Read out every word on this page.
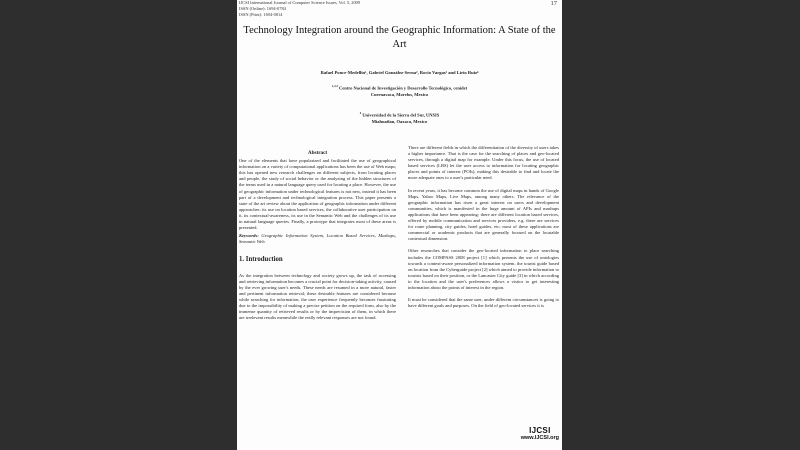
IJCSI International Journal of Computer Science Issues, Vol. 5, 2009
ISSN (Online): 1694-0784
ISSN (Print): 1694-0814
17
Technology Integration around the Geographic Information: A State of the Art
Rafael Ponce-Medellín¹, Gabriel González-Serna², Rocío Vargas³ and Lirio Ruiz⁴
$^{1,2,3}$ Centro Nacional de Investigación y Desarrollo Tecnológico, cenidet
Cuernavaca, Morelos, Mexico
$^4$ Universidad de la Sierra del Sur, UNSIS
Miahuatlan, Oaxaca, Mexico
Abstract
One of the elements that have popularized and facilitated the use of geographical information on a variety of computational applications has been the use of Web maps; this has opened new research challenges on different subjects, from locating places and people, the study of social behavior or the analyzing of the hidden structures of the terms used in a natural language query used for locating a place. However, the use of geographic information under technological features is not new, instead it has been part of a development and technological integration process. This paper presents a state of the art review about the application of geographic information under different approaches: its use on location based services, the collaborative user participation on it, its contextual-awareness, its use in the Semantic Web and the challenges of its use in natural language queries. Finally, a prototype that integrates most of these areas is presented.
Keywords: Geographic Information System, Location Based Services, Mashups, Semantic Web.
1. Introduction

As the integration between technology and society grows up, the task of accessing and retrieving information becomes a crucial point for decision-taking activity, caused by the ever growing user's needs. These needs are resumed in a more natural, faster and pertinent information retrieval; these desirable features are considered because while searching for information, the user experience frequently becomes frustrating due to the impossibility of making a precise petition on the required form, also by the immense quantity of retrieved results or by the imprecision of them, in which there are irrelevant results meanwhile the really relevant responses are not found.

There are different fields in which the differentiation of the diversity of users takes a higher importance. That is the case for the searching of places and geo-located services, through a digital map for example. Under this focus, the use of located based services (LBS) let the user access to information for locating geographic places and points of interest (POIs), making this desirable to find and locate the more adequate ones to a user's particular need.

In recent years, it has become common the use of digital maps in hands of Google Maps, Yahoo Maps, Live Maps, among many others. The relevance of the geographic information has risen a great interest on users and development communities, which is manifested in the huge amount of APIs and mashups applications that have been appearing; there are different location based services, offered by mobile communication and services providers, e.g. there are services for route planning, city guides, hotel guides, etc; most of these applications are commercial or academic products that are generally focused on the locatable contextual dimension.

Other researches that consider the geo-located information to place searching includes the COMPASS 2008 project [1] which presents the use of ontologies towards a context-aware personalized information system, the tourist guide based on location from the Cyberguide project [2] which aimed to provide information to tourists based on their position, or the Lancaster City guide [3] in which according to the location and the user's preferences allows a visitor to get interesting information about the points of interest in the region.

It must be considered that the same user, under different circumstances is going to have different goals and purposes. On the field of geo-located services it is

IJCSI
www.IJCSI.org
